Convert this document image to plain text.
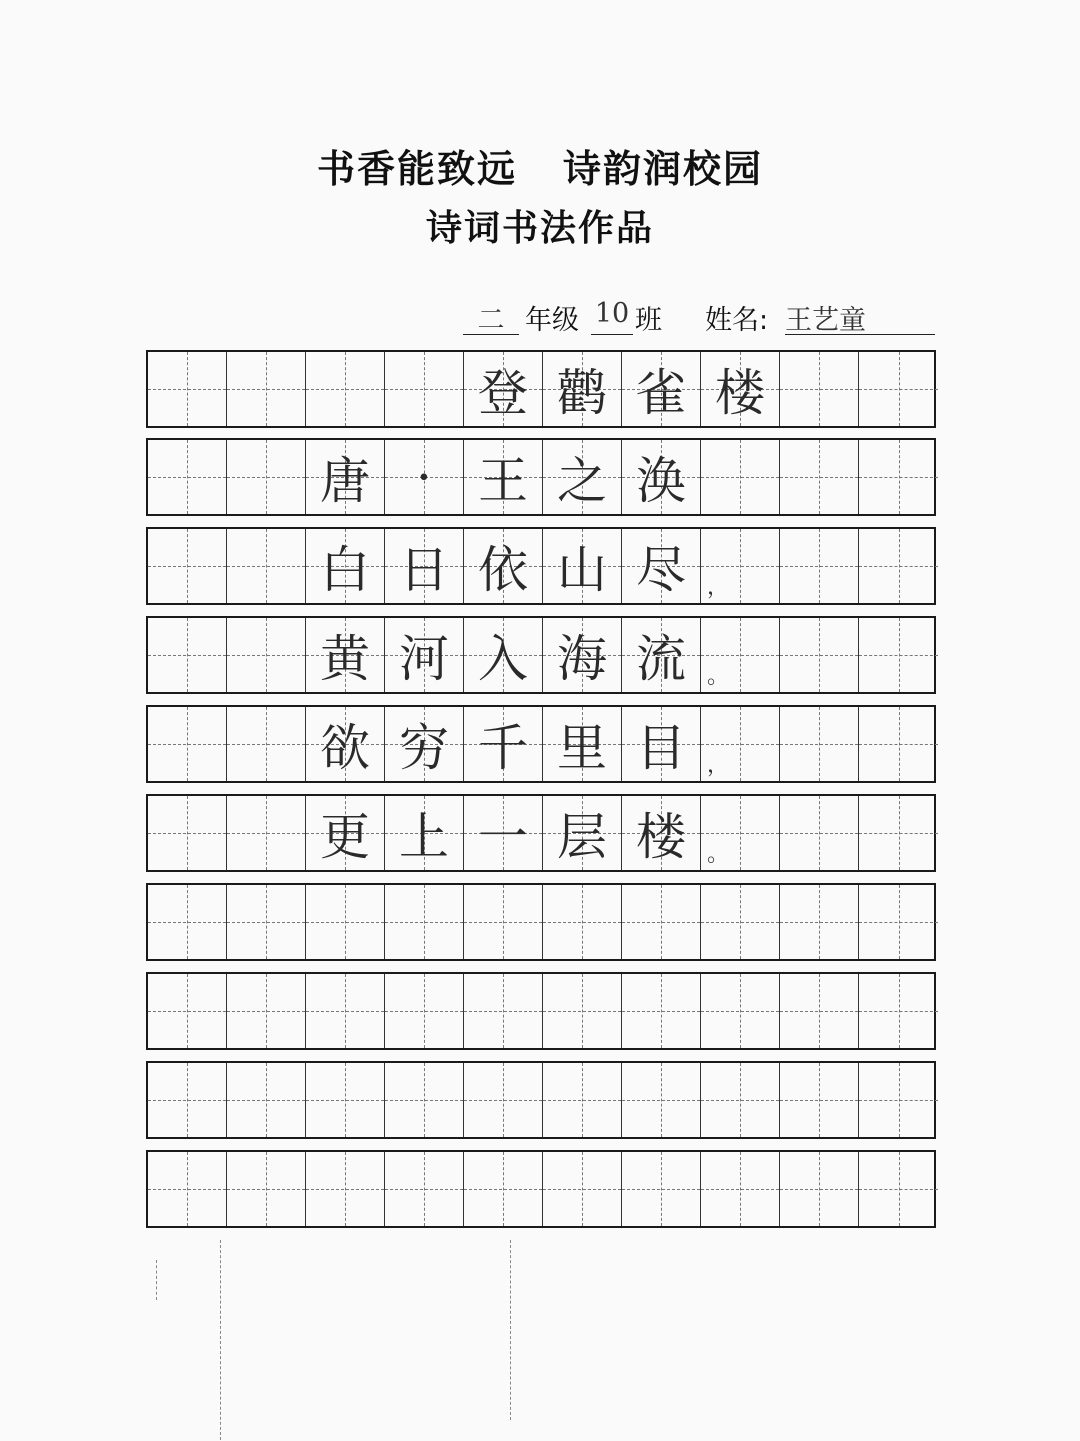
书香能致远 诗韵润校园
诗词书法作品
二 年级 10 班 姓名: 王艺童
登 鹳 雀 楼
唐 · 王 之 涣
白 日 依 山 尽 ，
黄 河 入 海 流 。
欲 穷 千 里 目 ，
更 上 一 层 楼 。
